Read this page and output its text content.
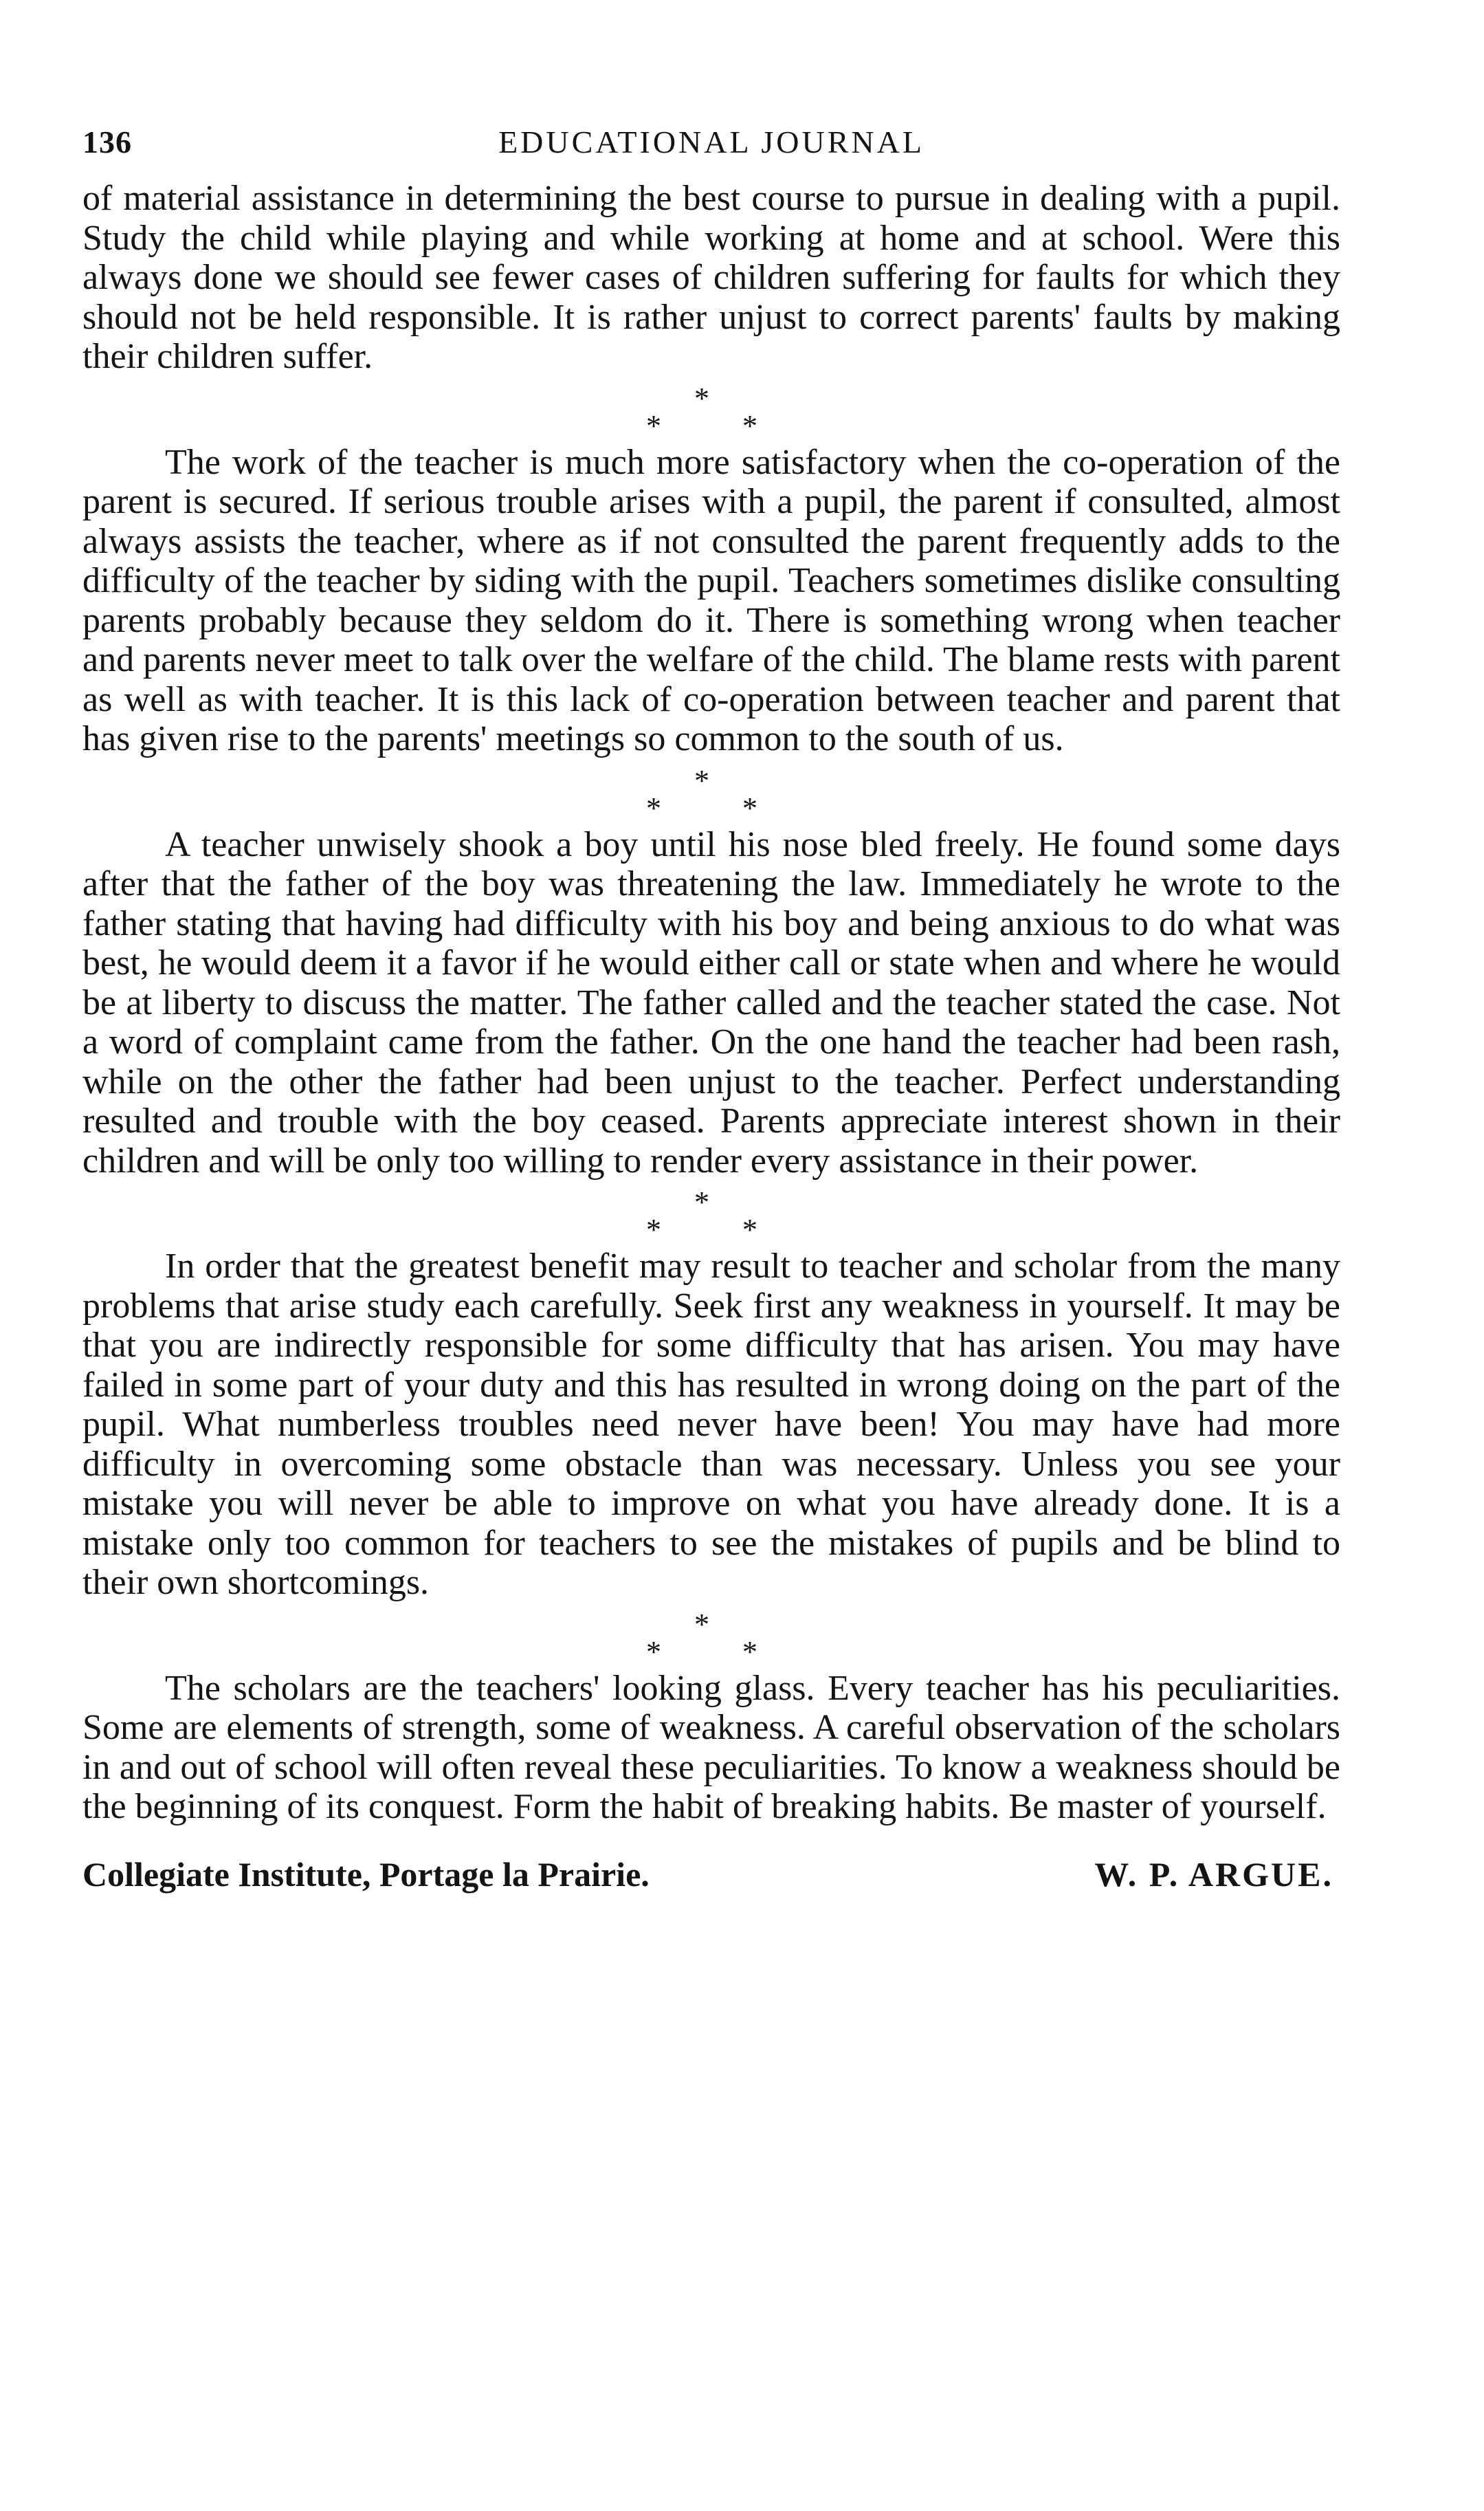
136	EDUCATIONAL JOURNAL

of material assistance in determining the best course to pursue in dealing with a pupil. Study the child while playing and while working at home and at school. Were this always done we should see fewer cases of children suffering for faults for which they should not be held responsible. It is rather unjust to correct parents' faults by making their children suffer.

*
*	*

The work of the teacher is much more satisfactory when the co-operation of the parent is secured. If serious trouble arises with a pupil, the parent if consulted, almost always assists the teacher, where as if not consulted the parent frequently adds to the difficulty of the teacher by siding with the pupil. Teachers sometimes dislike consulting parents probably because they seldom do it. There is something wrong when teacher and parents never meet to talk over the welfare of the child. The blame rests with parent as well as with teacher. It is this lack of co-operation between teacher and parent that has given rise to the parents' meetings so common to the south of us.

*
*	*

A teacher unwisely shook a boy until his nose bled freely. He found some days after that the father of the boy was threatening the law. Immediately he wrote to the father stating that having had difficulty with his boy and being anxious to do what was best, he would deem it a favor if he would either call or state when and where he would be at liberty to discuss the matter. The father called and the teacher stated the case. Not a word of complaint came from the father. On the one hand the teacher had been rash, while on the other the father had been unjust to the teacher. Perfect understanding resulted and trouble with the boy ceased. Parents appreciate interest shown in their children and will be only too willing to render every assistance in their power.

*
*	*

In order that the greatest benefit may result to teacher and scholar from the many problems that arise study each carefully. Seek first any weakness in yourself. It may be that you are indirectly responsible for some difficulty that has arisen. You may have failed in some part of your duty and this has resulted in wrong doing on the part of the pupil. What numberless troubles need never have been! You may have had more difficulty in overcoming some obstacle than was necessary. Unless you see your mistake you will never be able to improve on what you have already done. It is a mistake only too common for teachers to see the mistakes of pupils and be blind to their own shortcomings.

*
*	*

The scholars are the teachers' looking glass. Every teacher has his peculiarities. Some are elements of strength, some of weakness. A careful observation of the scholars in and out of school will often reveal these peculiarities. To know a weakness should be the beginning of its conquest. Form the habit of breaking habits. Be master of yourself.

Collegiate Institute, Portage la Prairie.	W. P. ARGUE.
